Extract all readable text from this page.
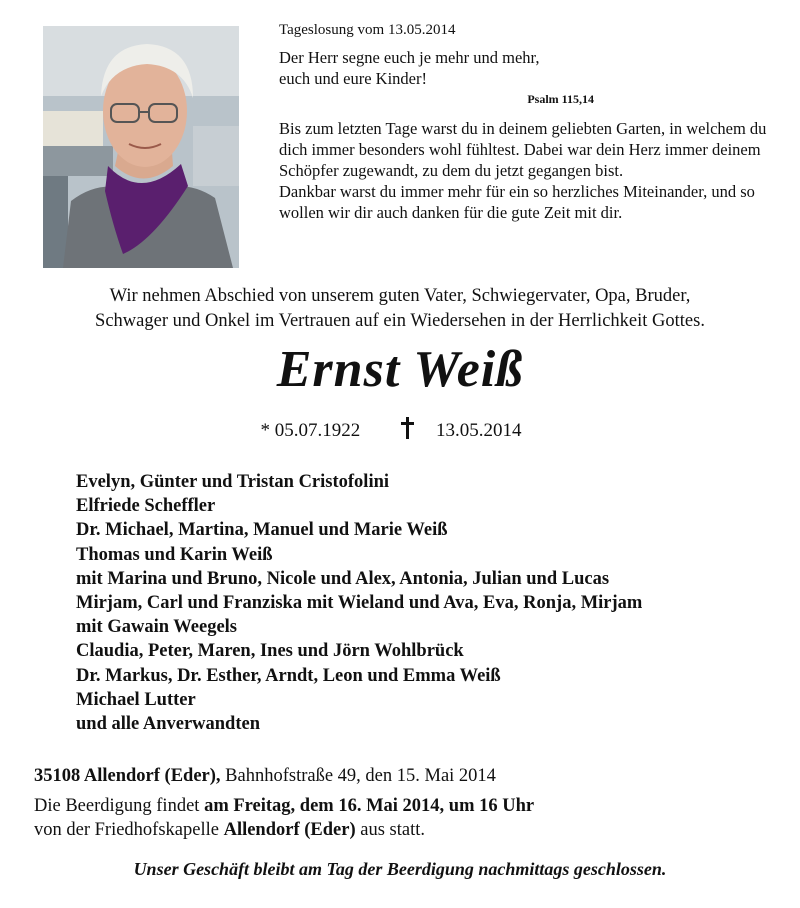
Tageslosung vom 13.05.2014

Der Herr segne euch je mehr und mehr,

euch und eure Kinder!

Psalm 115,14

Bis zum letzten Tage warst du in deinem geliebten Garten, in welchem du dich immer besonders wohl fühltest. Dabei war dein Herz immer deinem Schöpfer zugewandt, zu dem du jetzt gegangen bist.

Dankbar warst du immer mehr für ein so herzliches Miteinander, und so wollen wir dir auch danken für die gute Zeit mit dir.

Wir nehmen Abschied von unserem guten Vater, Schwiegervater, Opa, Bruder,
Schwager und Onkel im Vertrauen auf ein Wiedersehen in der Herrlichkeit Gottes.
Ernst Weiß
* 05.07.1922	13.05.2014
Evelyn, Günter und Tristan Cristofolini
Elfriede Scheffler
Dr. Michael, Martina, Manuel und Marie Weiß
Thomas und Karin Weiß
mit Marina und Bruno, Nicole und Alex, Antonia, Julian und Lucas
Mirjam, Carl und Franziska mit Wieland und Ava, Eva, Ronja, Mirjam
mit Gawain Weegels
Claudia, Peter, Maren, Ines und Jörn Wohlbrück
Dr. Markus, Dr. Esther, Arndt, Leon und Emma Weiß
Michael Lutter
und alle Anverwandten
35108 Allendorf (Eder), Bahnhofstraße 49, den 15. Mai 2014
Die Beerdigung findet am Freitag, dem 16. Mai 2014, um 16 Uhr
von der Friedhofskapelle Allendorf (Eder) aus statt.
Unser Geschäft bleibt am Tag der Beerdigung nachmittags geschlossen.
